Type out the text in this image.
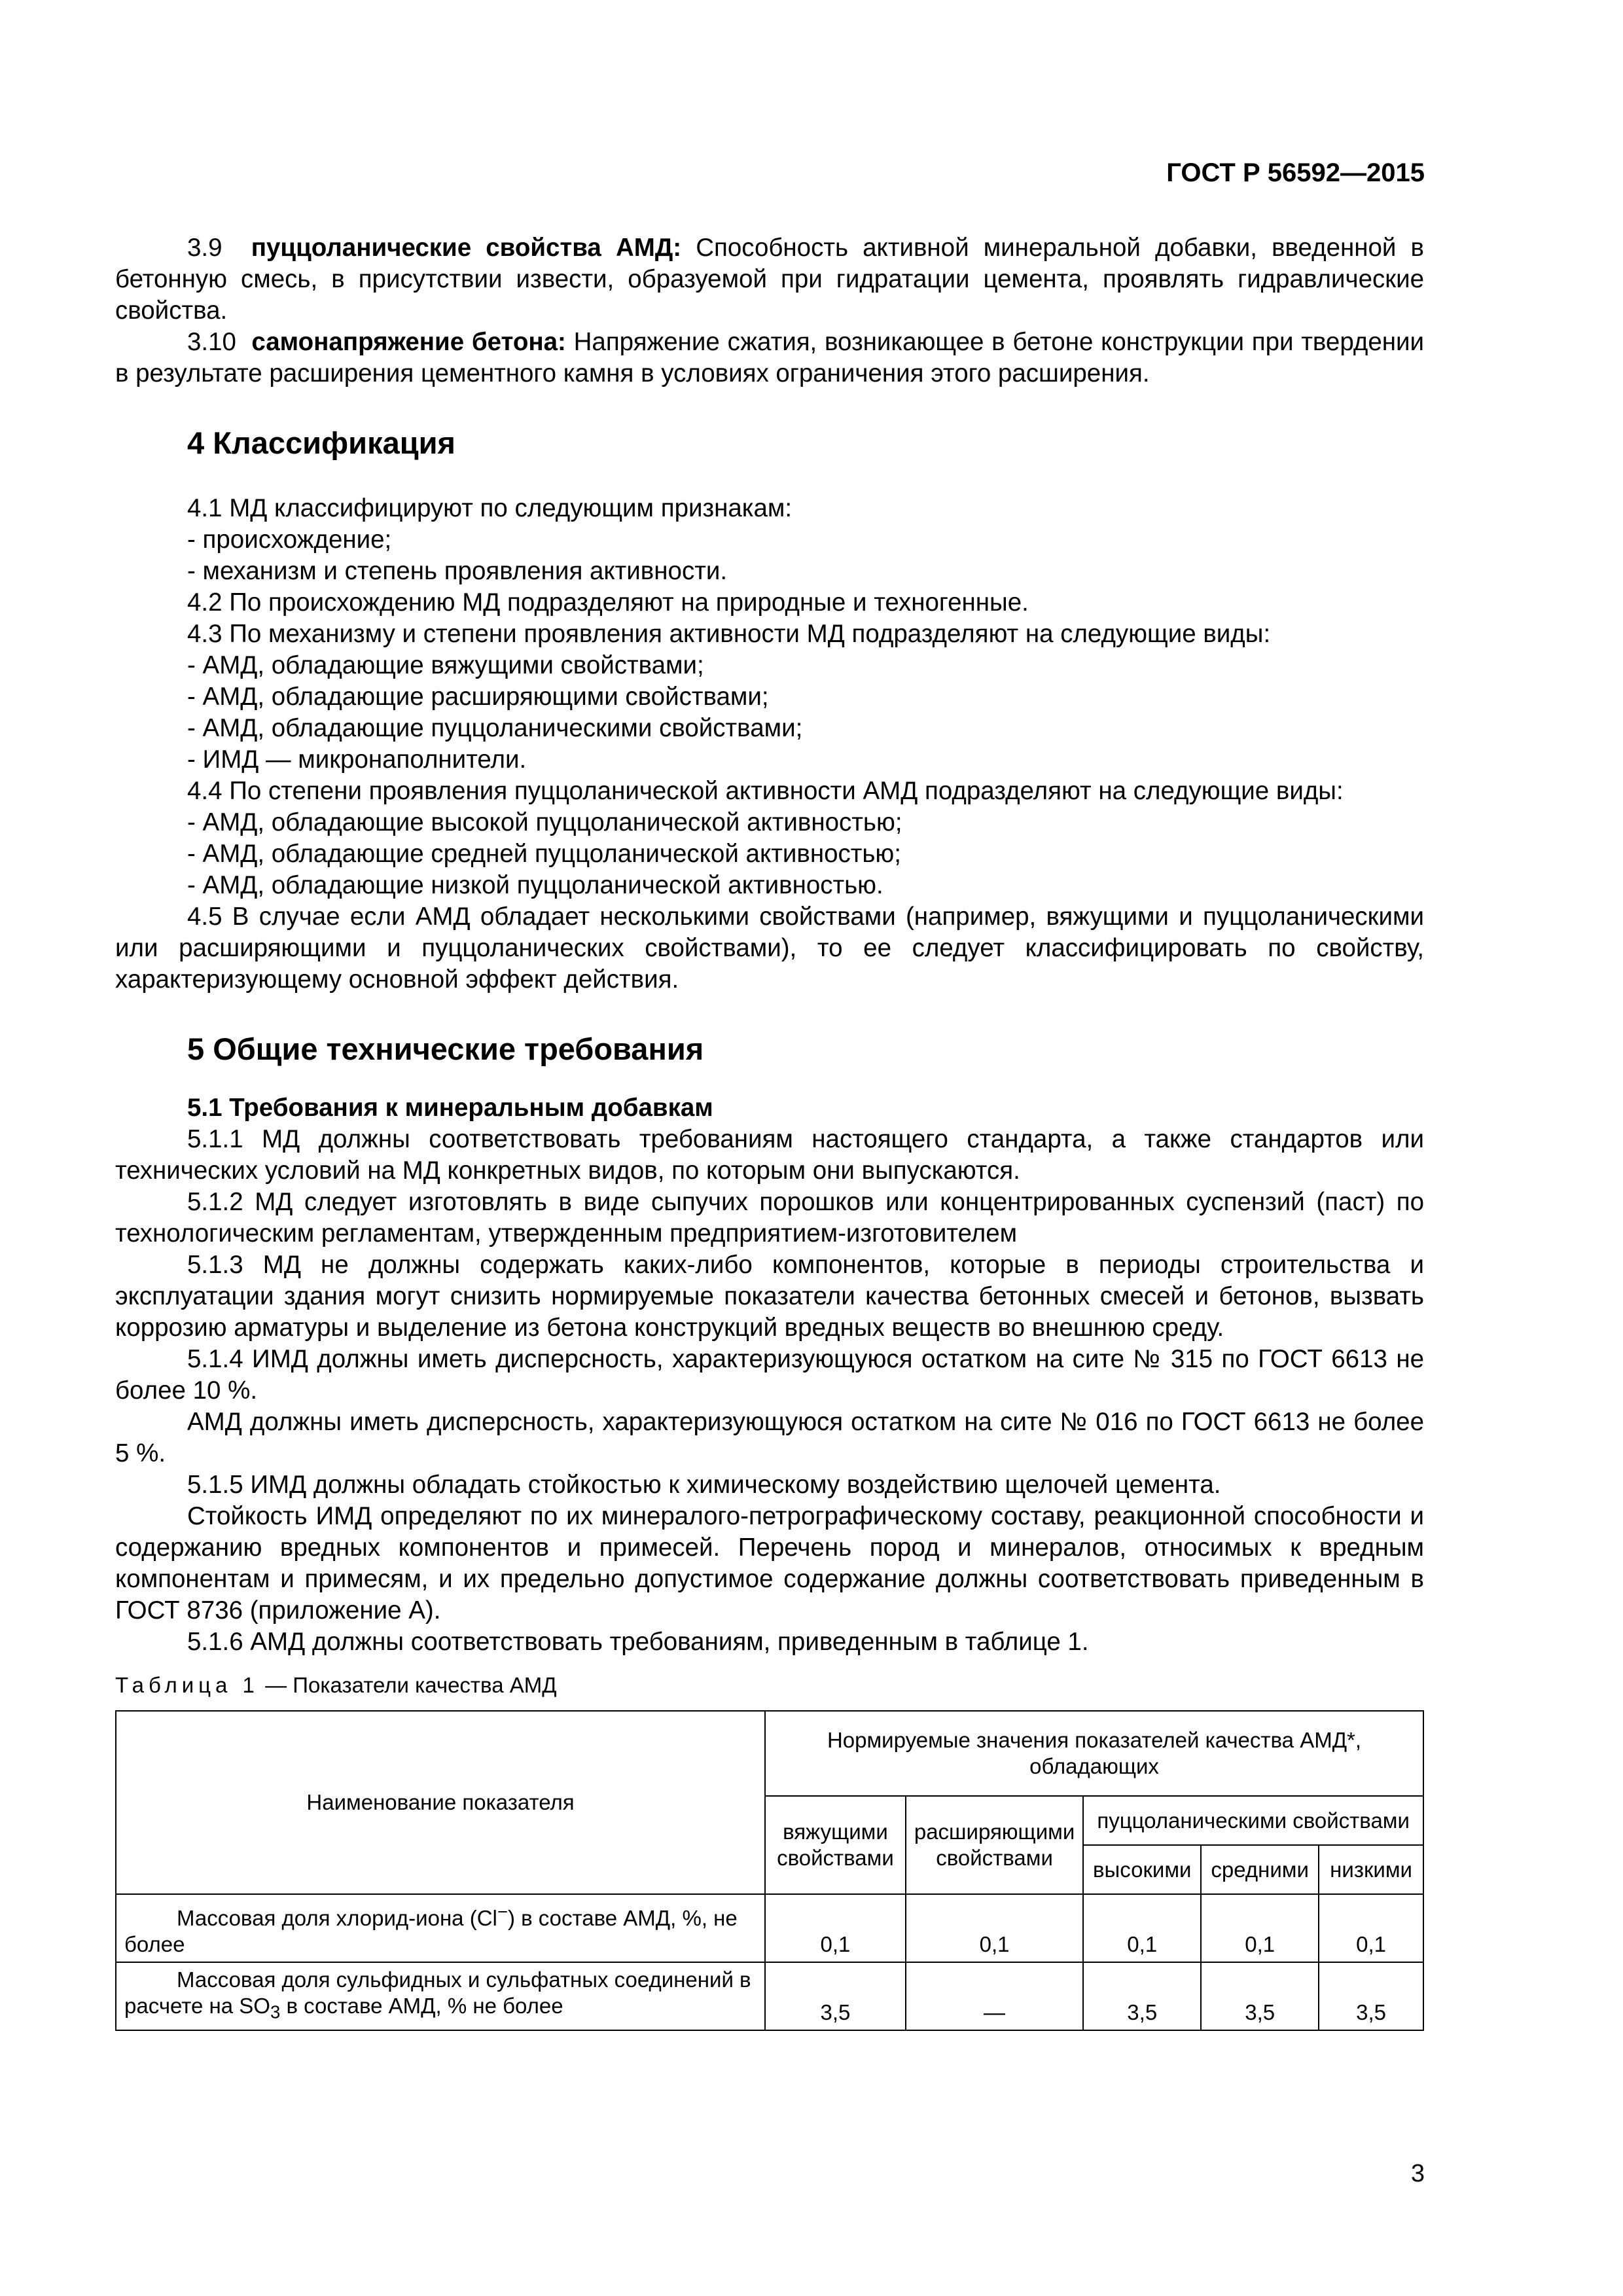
ГОСТ Р 56592—2015

3.9 пуццоланические свойства АМД: Способность активной минеральной добавки, введенной в бетонную смесь, в присутствии извести, образуемой при гидратации цемента, проявлять гидравлические свойства.

3.10 самонапряжение бетона: Напряжение сжатия, возникающее в бетоне конструкции при твердении в результате расширения цементного камня в условиях ограничения этого расширения.

4 Классификация

4.1 МД классифицируют по следующим признакам:

- происхождение;

- механизм и степень проявления активности.

4.2 По происхождению МД подразделяют на природные и техногенные.

4.3 По механизму и степени проявления активности МД подразделяют на следующие виды:

- АМД, обладающие вяжущими свойствами;

- АМД, обладающие расширяющими свойствами;

- АМД, обладающие пуццоланическими свойствами;

- ИМД — микронаполнители.

4.4 По степени проявления пуццоланической активности АМД подразделяют на следующие виды:

- АМД, обладающие высокой пуццоланической активностью;

- АМД, обладающие средней пуццоланической активностью;

- АМД, обладающие низкой пуццоланической активностью.

4.5 В случае если АМД обладает несколькими свойствами (например, вяжущими и пуццоланическими или расширяющими и пуццоланических свойствами), то ее следует классифицировать по свойству, характеризующему основной эффект действия.

5 Общие технические требования
5.1 Требования к минеральным добавкам

5.1.1 МД должны соответствовать требованиям настоящего стандарта, а также стандартов или технических условий на МД конкретных видов, по которым они выпускаются.

5.1.2 МД следует изготовлять в виде сыпучих порошков или концентрированных суспензий (паст) по технологическим регламентам, утвержденным предприятием-изготовителем

5.1.3 МД не должны содержать каких-либо компонентов, которые в периоды строительства и эксплуатации здания могут снизить нормируемые показатели качества бетонных смесей и бетонов, вызвать коррозию арматуры и выделение из бетона конструкций вредных веществ во внешнюю среду.

5.1.4 ИМД должны иметь дисперсность, характеризующуюся остатком на сите № 315 по ГОСТ 6613 не более 10 %.

АМД должны иметь дисперсность, характеризующуюся остатком на сите № 016 по ГОСТ 6613 не более 5 %.

5.1.5 ИМД должны обладать стойкостью к химическому воздействию щелочей цемента.

Стойкость ИМД определяют по их минералого-петрографическому составу, реакционной способности и содержанию вредных компонентов и примесей. Перечень пород и минералов, относимых к вредным компонентам и примесям, и их предельно допустимое содержание должны соответствовать приведенным в ГОСТ 8736 (приложение А).

5.1.6 АМД должны соответствовать требованиям, приведенным в таблице 1.

Таблица 1 — Показатели качества АМД
Наименование показателя	Нормируемые значения показателей качества АМД*, обладающих				
	вяжущими свойствами	расширяющими свойствами	пуццоланическими свойствами		
			высокими	средними	низкими
Массовая доля хлорид-иона (Cl−) в составе АМД, %, не более	0,1	0,1	0,1	0,1	0,1
Массовая доля сульфидных и сульфатных соединений в расчете на $SO_3$ в составе АМД, % не более	3,5	—	3,5	3,5	3,5
3
